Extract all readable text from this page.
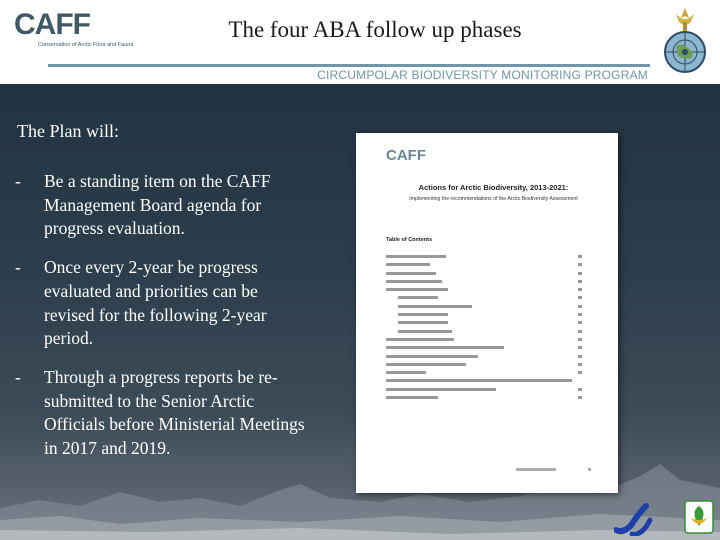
CAFF
Conservation of Arctic Flora and Fauna
The four ABA follow up phases
CIRCUMPOLAR BIODIVERSITY MONITORING PROGRAM
The Plan will:
- Be a standing item on the CAFF Management Board agenda for progress evaluation.
- Once every 2-year be progress evaluated and priorities can be revised for the following 2-year period.
- Through a progress reports be re- submitted to the Senior Arctic Officials before Ministerial Meetings in 2017 and 2019.
CAFF
Actions for Arctic Biodiversity, 2013-2021:
Implementing the recommendations of the Arctic Biodiversity Assessment
Table of Contents
